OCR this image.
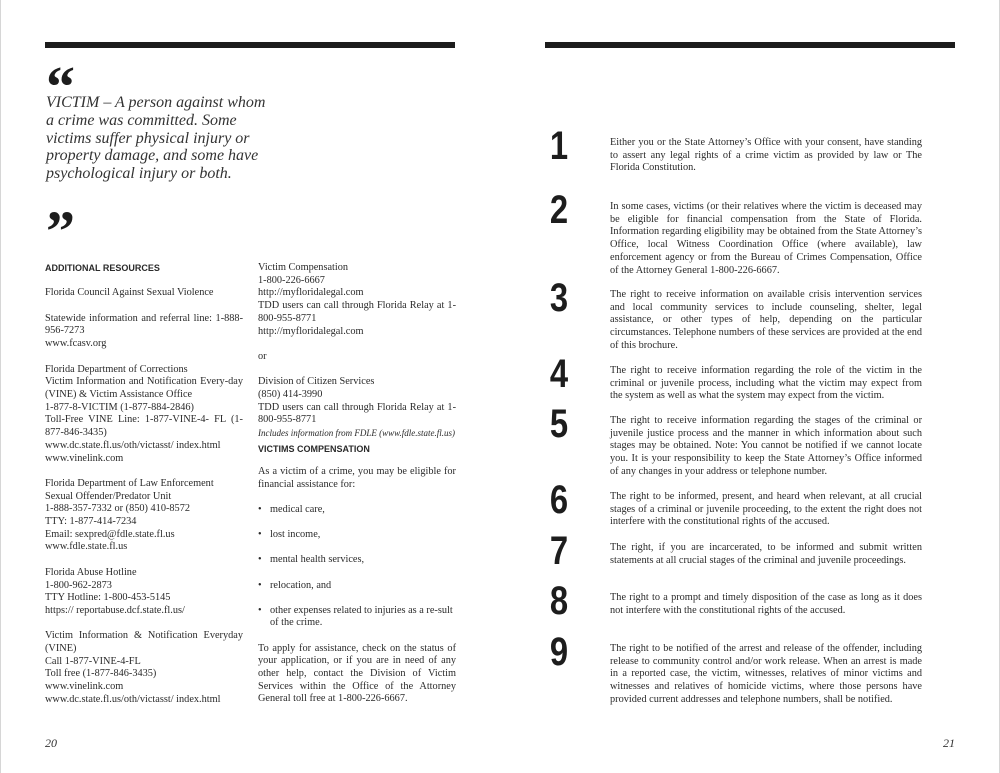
“

VICTIM – A person against whom a crime was committed. Some victims suffer physical injury or property damage, and some have psychological injury or both.

”

ADDITIONAL RESOURCES

Florida Council Against Sexual Violence

Statewide information and referral line: 1-888-956-7273

www.fcasv.org

Florida Department of Corrections
Victim Information and Notification Every-day (VINE) & Victim Assistance Office
1-877-8-VICTIM (1-877-884-2846)
Toll-Free VINE Line: 1-877-VINE-4- FL (1-877-846-3435)
www.dc.state.fl.us/oth/victasst/ index.html
www.vinelink.com

Florida Department of Law Enforcement
Sexual Offender/Predator Unit
1-888-357-7332 or (850) 410-8572
TTY: 1-877-414-7234
Email: sexpred@fdle.state.fl.us
www.fdle.state.fl.us

Florida Abuse Hotline
1-800-962-2873
TTY Hotline: 1-800-453-5145
https:// reportabuse.dcf.state.fl.us/

Victim Information & Notification Everyday (VINE)
Call 1-877-VINE-4-FL
Toll free (1-877-846-3435)
www.vinelink.com
www.dc.state.fl.us/oth/victasst/ index.html

Victim Compensation
1-800-226-6667
http://myfloridalegal.com
TDD users can call through Florida Relay at 1-800-955-8771
http://myfloridalegal.com

or

Division of Citizen Services
(850) 414-3990
TDD users can call through Florida Relay at 1-800-955-8771

Includes information from FDLE (www.fdle.state.fl.us)

VICTIMS COMPENSATION

As a victim of a crime, you may be eligible for financial assistance for:

• medical care,
• lost income,
• mental health services,
• relocation, and
• other expenses related to injuries as a re-sult of the crime.

To apply for assistance, check on the status of your application, or if you are in need of any other help, contact the Division of Victim Services within the Office of the Attorney General toll free at 1-800-226-6667.

20
1	Either you or the State Attorney’s Office with your consent, have standing to assert any legal rights of a crime victim as provided by law or The Florida Constitution.

2	In some cases, victims (or their relatives where the victim is deceased may be eligible for financial compensation from the State of Florida. Information regarding eligibility may be obtained from the State Attorney’s Office, local Witness Coordination Office (where available), law enforcement agency or from the Bureau of Crimes Compensation, Office of the Attorney General 1-800-226-6667.

3	The right to receive information on available crisis intervention services and local community services to include counseling, shelter, legal assistance, or other types of help, depending on the particular circumstances. Telephone numbers of these services are provided at the end of this brochure.

4	The right to receive information regarding the role of the victim in the criminal or juvenile process, including what the victim may expect from the system as well as what the system may expect from the victim.

5	The right to receive information regarding the stages of the criminal or juvenile justice process and the manner in which information about such stages may be obtained. Note: You cannot be notified if we cannot locate you. It is your responsibility to keep the State Attorney’s Office informed of any changes in your address or telephone number.

6	The right to be informed, present, and heard when relevant, at all crucial stages of a criminal or juvenile proceeding, to the extent the right does not interfere with the constitutional rights of the accused.

7	The right, if you are incarcerated, to be informed and submit written statements at all crucial stages of the criminal and juvenile proceedings.

8	The right to a prompt and timely disposition of the case as long as it does not interfere with the constitutional rights of the accused.

9	The right to be notified of the arrest and release of the offender, including release to community control and/or work release. When an arrest is made in a reported case, the victim, witnesses, relatives of minor victims and witnesses and relatives of homicide victims, where those persons have provided current addresses and telephone numbers, shall be notified.

21
